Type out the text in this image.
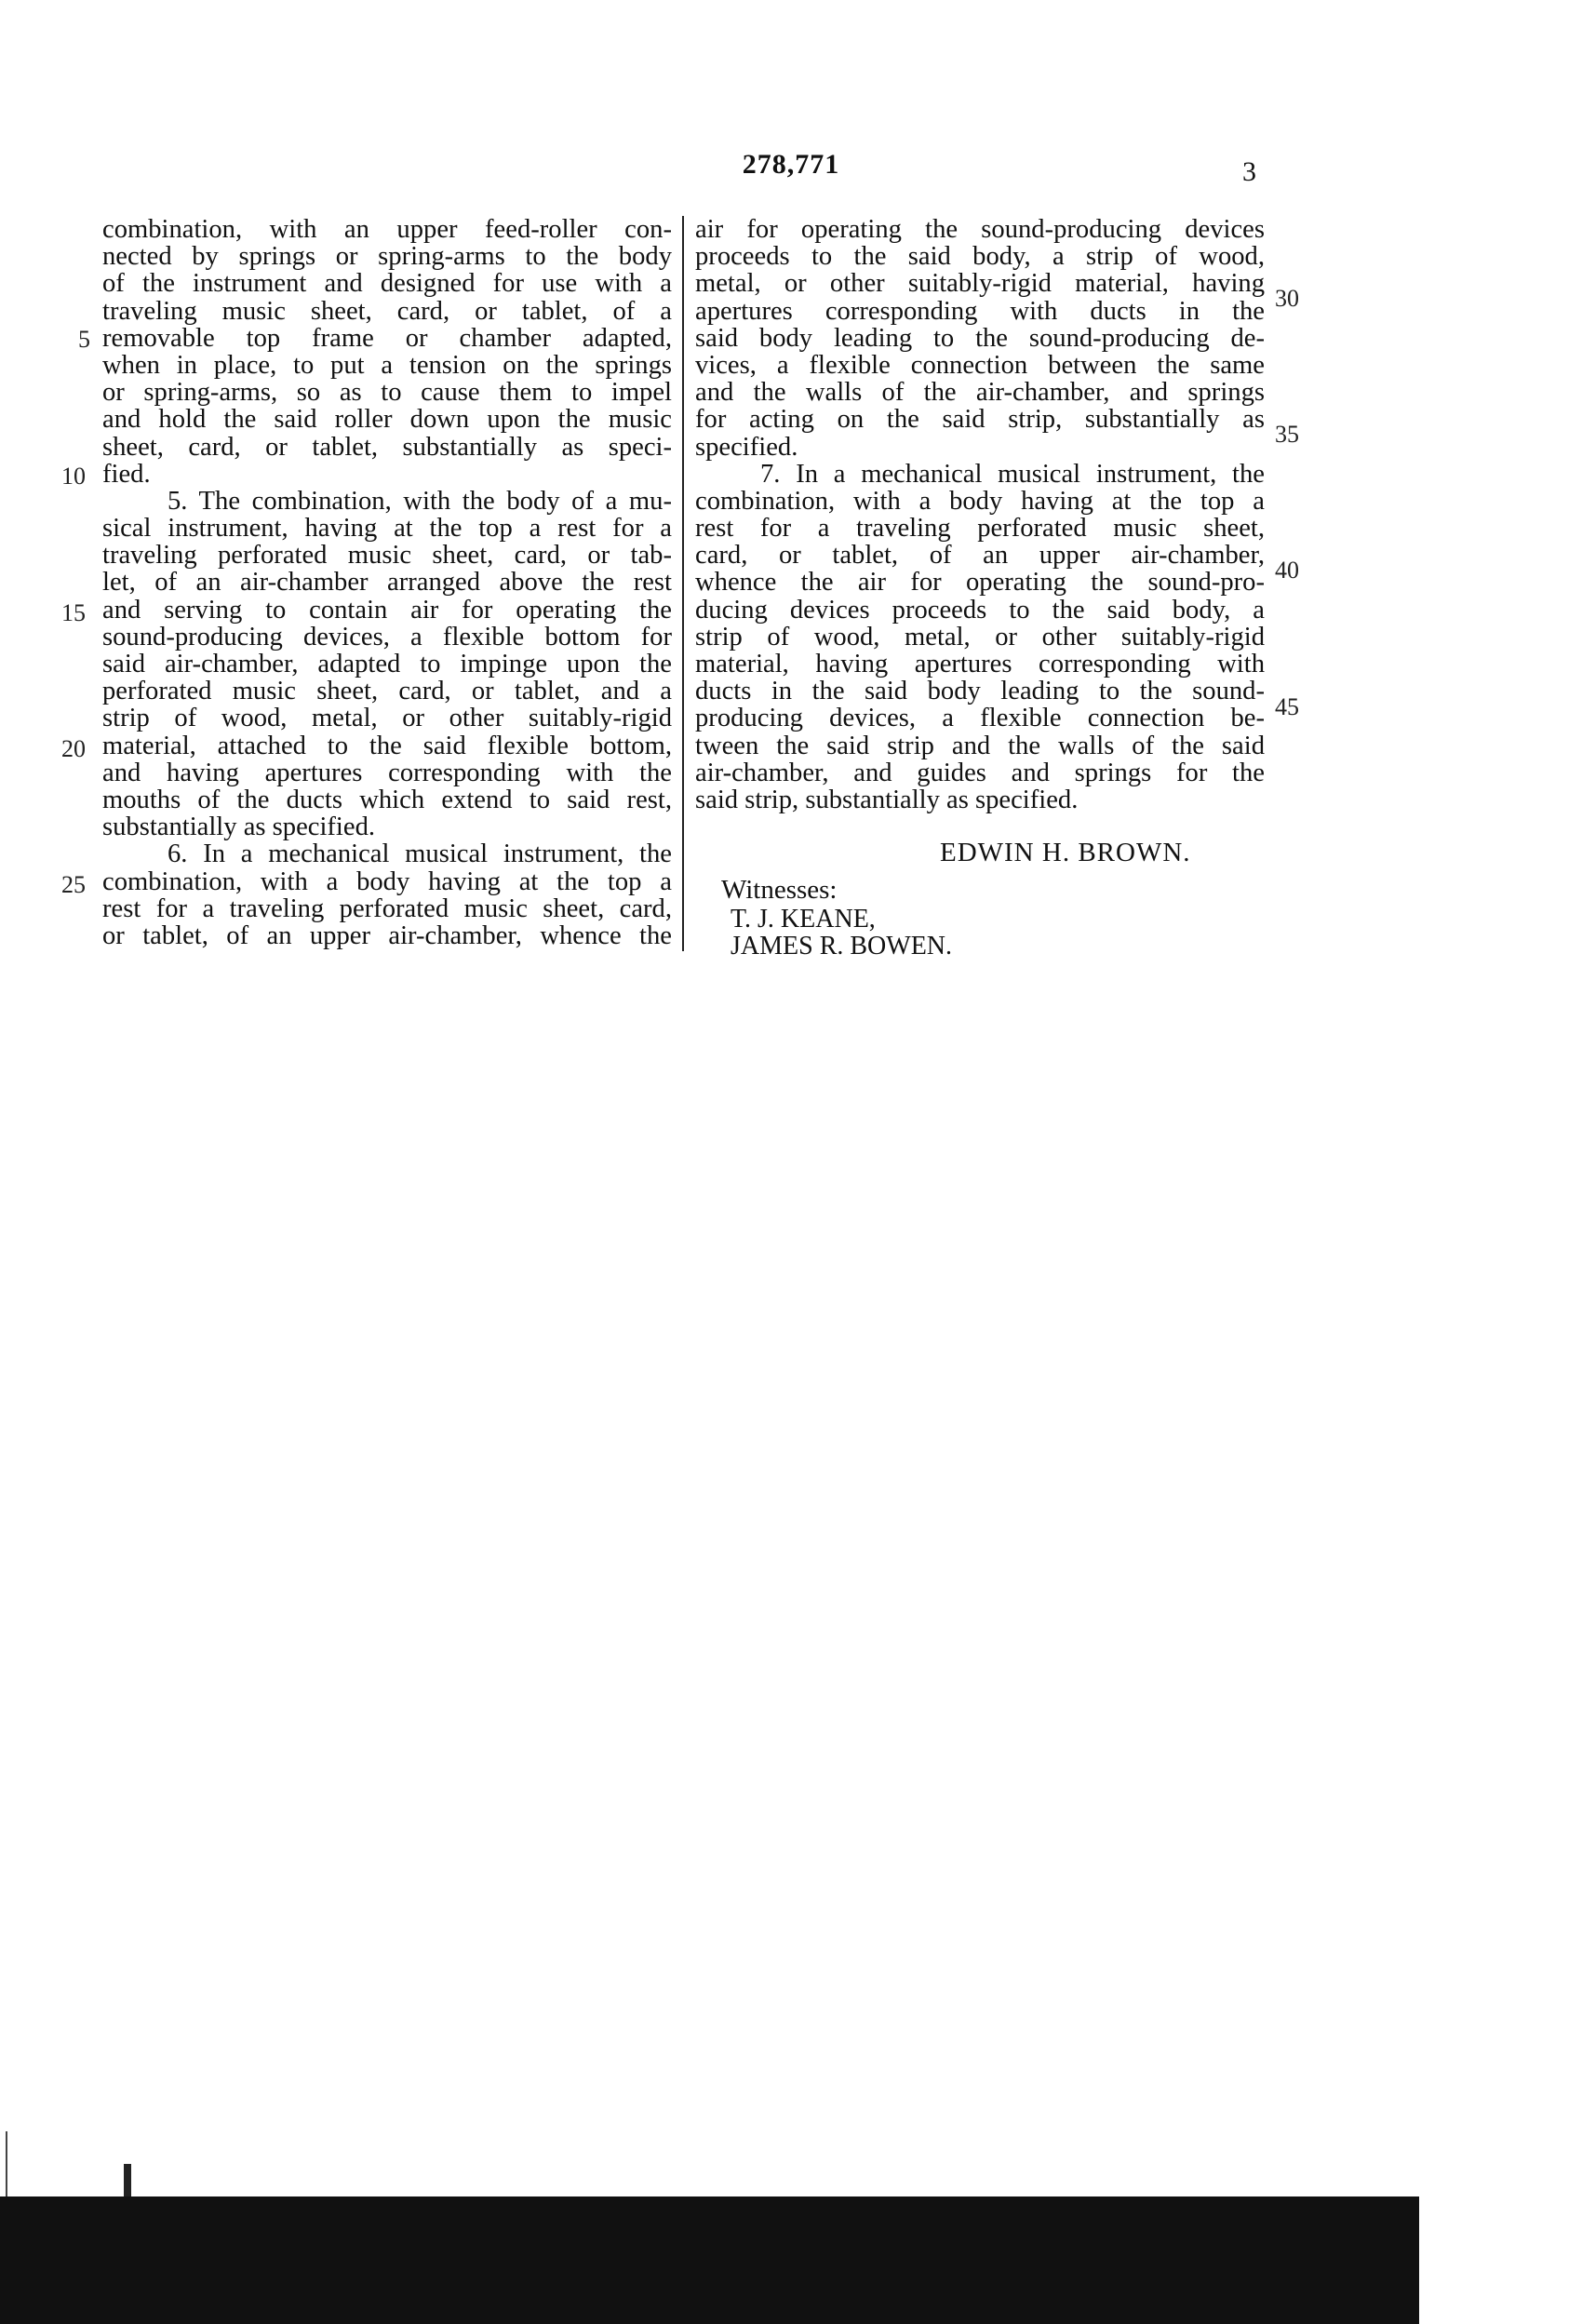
278,771	3
combination, with an upper feed-roller con-
nected by springs or spring-arms to the body
of the instrument and designed for use with a
traveling music sheet, card, or tablet, of a
removable top frame or chamber adapted,
when in place, to put a tension on the springs
or spring-arms, so as to cause them to impel
and hold the said roller down upon the music
sheet, card, or tablet, substantially as speci-
fied.
5. The combination, with the body of a mu-
sical instrument, having at the top a rest for a
traveling perforated music sheet, card, or tab-
let, of an air-chamber arranged above the rest
and serving to contain air for operating the
sound-producing devices, a flexible bottom for
said air-chamber, adapted to impinge upon the
perforated music sheet, card, or tablet, and a
strip of wood, metal, or other suitably-rigid
material, attached to the said flexible bottom,
and having apertures corresponding with the
mouths of the ducts which extend to said rest,
substantially as specified.
6. In a mechanical musical instrument, the
combination, with a body having at the top a
rest for a traveling perforated music sheet, card,
or tablet, of an upper air-chamber, whence the
air for operating the sound-producing devices
proceeds to the said body, a strip of wood,
metal, or other suitably-rigid material, having
apertures corresponding with ducts in the
said body leading to the sound-producing de-
vices, a flexible connection between the same
and the walls of the air-chamber, and springs
for acting on the said strip, substantially as
specified.
7. In a mechanical musical instrument, the
combination, with a body having at the top a
rest for a traveling perforated music sheet,
card, or tablet, of an upper air-chamber,
whence the air for operating the sound-pro-
ducing devices proceeds to the said body, a
strip of wood, metal, or other suitably-rigid
material, having apertures corresponding with
ducts in the said body leading to the sound-
producing devices, a flexible connection be-
tween the said strip and the walls of the said
air-chamber, and guides and springs for the
said strip, substantially as specified.
5
10
15
20
25
30
35
40
45
EDWIN H. BROWN.
Witnesses:
T. J. KEANE,
JAMES R. BOWEN.
